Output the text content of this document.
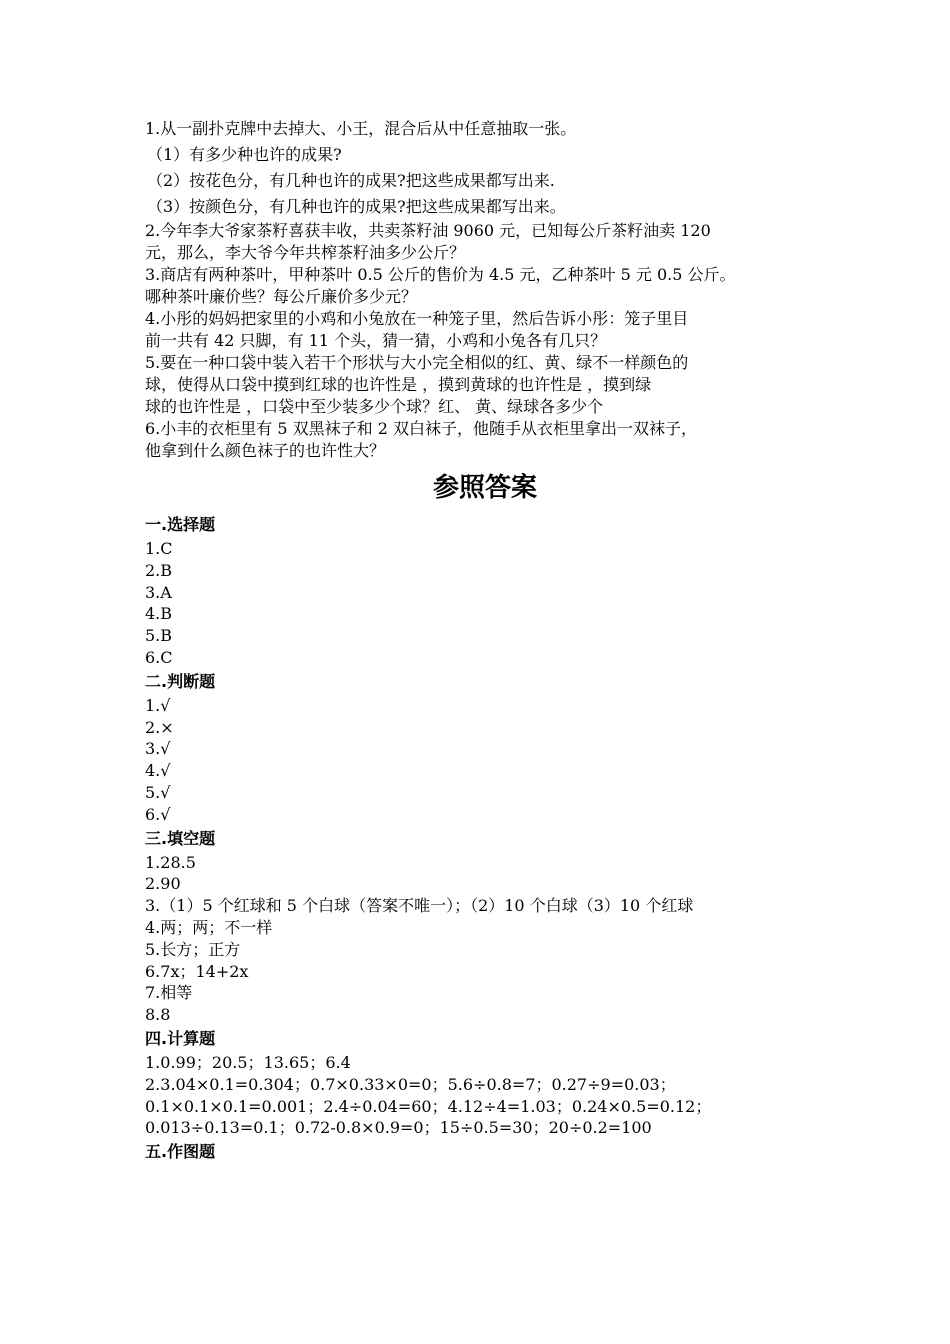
1.从一副扑克牌中去掉大、小王，混合后从中任意抽取一张。
（1）有多少种也许的成果?
（2）按花色分，有几种也许的成果?把这些成果都写出来.
（3）按颜色分，有几种也许的成果?把这些成果都写出来。
2.今年李大爷家茶籽喜获丰收，共卖茶籽油 9060 元，已知每公斤茶籽油卖 120
元，那么，李大爷今年共榨茶籽油多少公斤？
3.商店有两种茶叶，甲种茶叶 0.5 公斤的售价为 4.5 元，乙种茶叶 5 元 0.5 公斤。
哪种茶叶廉价些？每公斤廉价多少元？
4.小彤的妈妈把家里的小鸡和小兔放在一种笼子里，然后告诉小彤：笼子里目
前一共有 42 只脚，有 11 个头，猜一猜，小鸡和小兔各有几只？
5.要在一种口袋中装入若干个形状与大小完全相似的红、黄、绿不一样颜色的
球，使得从口袋中摸到红球的也许性是 ，摸到黄球的也许性是 ，摸到绿
球的也许性是 ，口袋中至少装多少个球？红、 黄、绿球各多少个
6.小丰的衣柜里有 5 双黑袜子和 2 双白袜子，他随手从衣柜里拿出一双袜子，
他拿到什么颜色袜子的也许性大？
参照答案
一.选择题
1.C
2.B
3.A
4.B
5.B
6.C
二.判断题
1.√
2.×
3.√
4.√
5.√
6.√
三.填空题
1.28.5
2.90
3.（1）5 个红球和 5 个白球（答案不唯一）；（2）10 个白球（3）10 个红球
4.两；两；不一样
5.长方；正方
6.7x；14+2x
7.相等
8.8
四.计算题
1.0.99；20.5；13.65；6.4
2.3.04×0.1=0.304；0.7×0.33×0=0；5.6÷0.8=7；0.27÷9=0.03；
0.1×0.1×0.1=0.001；2.4÷0.04=60；4.12÷4=1.03；0.24×0.5=0.12；
0.013÷0.13=0.1；0.72-0.8×0.9=0；15÷0.5=30；20÷0.2=100
五.作图题
